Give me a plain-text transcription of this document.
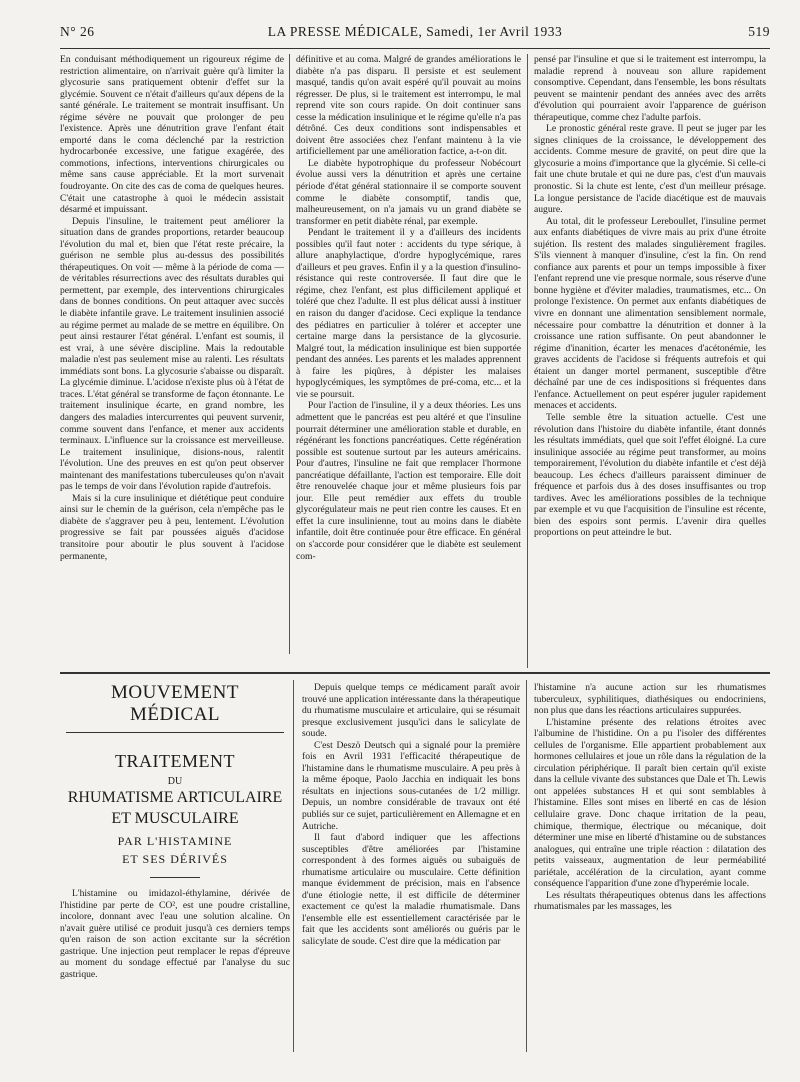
N° 26	LA PRESSE MÉDICALE, Samedi, 1er Avril 1933	519

En conduisant méthodiquement un rigoureux régime de restriction alimentaire, on n'arrivait guère qu'à limiter la glycosurie sans pratiquement obtenir d'effet sur la glycémie. Souvent ce n'était d'ailleurs qu'aux dépens de la santé générale. Le traitement se montrait insuffisant. Un régime sévère ne pouvait que prolonger de peu l'existence. Après une dénutrition grave l'enfant était emporté dans le coma déclenché par la restriction hydrocarbonée excessive, une fatigue exagérée, des commotions, infections, interventions chirurgicales ou même sans cause appréciable. Et la mort survenait foudroyante. On cite des cas de coma de quelques heures. C'était une catastrophe à quoi le médecin assistait désarmé et impuissant.

Depuis l'insuline, le traitement peut améliorer la situation dans de grandes proportions, retarder beaucoup l'évolution du mal et, bien que l'état reste précaire, la guérison ne semble plus au-dessus des possibilités thérapeutiques. On voit — même à la période de coma — de véritables résurrections avec des résultats durables qui permettent, par exemple, des interventions chirurgicales dans de bonnes conditions. On peut attaquer avec succès le diabète infantile grave. Le traitement insulinien associé au régime permet au malade de se mettre en équilibre. On peut ainsi restaurer l'état général. L'enfant est soumis, il est vrai, à une sévère discipline. Mais la redoutable maladie n'est pas seulement mise au ralenti. Les résultats immédiats sont bons. La glycosurie s'abaisse ou disparaît. La glycémie diminue. L'acidose n'existe plus où à l'état de traces. L'état général se transforme de façon étonnante. Le traitement insulinique écarte, en grand nombre, les dangers des maladies intercurrentes qui peuvent survenir, comme souvent dans l'enfance, et mener aux accidents terminaux. L'influence sur la croissance est merveilleuse. Le traitement insulinique, disions-nous, ralentit l'évolution. Une des preuves en est qu'on peut observer maintenant des manifestations tuberculeuses qu'on n'avait pas le temps de voir dans l'évolution rapide d'autrefois.

Mais si la cure insulinique et diététique peut conduire ainsi sur le chemin de la guérison, cela n'empêche pas le diabète de s'aggraver peu à peu, lentement. L'évolution progressive se fait par poussées aiguës d'acidose transitoire pour aboutir le plus souvent à l'acidose permanente,

définitive et au coma. Malgré de grandes améliorations le diabète n'a pas disparu. Il persiste et est seulement masqué, tandis qu'on avait espéré qu'il pouvait au moins régresser. De plus, si le traitement est interrompu, le mal reprend vite son cours rapide. On doit continuer sans cesse la médication insulinique et le régime qu'elle n'a pas détrôné. Ces deux conditions sont indispensables et doivent être associées chez l'enfant maintenu à la vie artificiellement par une amélioration factice, a-t-on dit.

Le diabète hypotrophique du professeur Nobécourt évolue aussi vers la dénutrition et après une certaine période d'état général stationnaire il se comporte souvent comme le diabète consomptif, tandis que, malheureusement, on n'a jamais vu un grand diabète se transformer en petit diabète rénal, par exemple.

Pendant le traitement il y a d'ailleurs des incidents possibles qu'il faut noter : accidents du type sérique, à allure anaphylactique, d'ordre hypoglycémique, rares d'ailleurs et peu graves. Enfin il y a la question d'insulino-résistance qui reste controversée. Il faut dire que le régime, chez l'enfant, est plus difficilement appliqué et toléré que chez l'adulte. Il est plus délicat aussi à instituer en raison du danger d'acidose. Ceci explique la tendance des pédiatres en particulier à tolérer et accepter une certaine marge dans la persistance de la glycosurie. Malgré tout, la médication insulinique est bien supportée pendant des années. Les parents et les malades apprennent à faire les piqûres, à dépister les malaises hypoglycémiques, les symptômes de pré-coma, etc... et la vie se poursuit.

Pour l'action de l'insuline, il y a deux théories. Les uns admettent que le pancréas est peu altéré et que l'insuline pourrait déterminer une amélioration stable et durable, en régénérant les fonctions pancréatiques. Cette régénération possible est soutenue surtout par les auteurs américains. Pour d'autres, l'insuline ne fait que remplacer l'hormone pancréatique défaillante, l'action est temporaire. Elle doit être renouvelée chaque jour et même plusieurs fois par jour. Elle peut remédier aux effets du trouble glycorégulateur mais ne peut rien contre les causes. Et en effet la cure insulinienne, tout au moins dans le diabète infantile, doit être continuée pour être efficace. En général on s'accorde pour considérer que le diabète est seulement com-

pensé par l'insuline et que si le traitement est interrompu, la maladie reprend à nouveau son allure rapidement consomptive. Cependant, dans l'ensemble, les bons résultats peuvent se maintenir pendant des années avec des arrêts d'évolution qui pourraient avoir l'apparence de guérison thérapeutique, comme chez l'adulte parfois.

Le pronostic général reste grave. Il peut se juger par les signes cliniques de la croissance, le développement des accidents. Comme mesure de gravité, on peut dire que la glycosurie a moins d'importance que la glycémie. Si celle-ci fait une chute brutale et qui ne dure pas, c'est d'un mauvais pronostic. Si la chute est lente, c'est d'un meilleur présage. La longue persistance de l'acide diacétique est de mauvais augure.

Au total, dit le professeur Lereboullet, l'insuline permet aux enfants diabétiques de vivre mais au prix d'une étroite sujétion. Ils restent des malades singulièrement fragiles. S'ils viennent à manquer d'insuline, c'est la fin. On rend confiance aux parents et pour un temps impossible à fixer l'enfant reprend une vie presque normale, sous réserve d'une bonne hygiène et d'éviter maladies, traumatismes, etc... On prolonge l'existence. On permet aux enfants diabétiques de vivre en donnant une alimentation sensiblement normale, nécessaire pour combattre la dénutrition et donner à la croissance une ration suffisante. On peut abandonner le régime d'inanition, écarter les menaces d'acétonémie, les graves accidents de l'acidose si fréquents autrefois et qui étaient un danger mortel permanent, susceptible d'être déchaîné par une de ces indispositions si fréquentes dans l'enfance. Actuellement on peut espérer juguler rapidement menaces et accidents.

Telle semble être la situation actuelle. C'est une révolution dans l'histoire du diabète infantile, étant donnés les résultats immédiats, quel que soit l'effet éloigné. La cure insulinique associée au régime peut transformer, au moins temporairement, l'évolution du diabète infantile et c'est déjà beaucoup. Les échecs d'ailleurs paraissent diminuer de fréquence et parfois dus à des doses insuffisantes ou trop tardives. Avec les améliorations possibles de la technique par exemple et vu que l'acquisition de l'insuline est récente, bien des espoirs sont permis. L'avenir dira quelles proportions on peut atteindre le but.

MOUVEMENT MÉDICAL
TRAITEMENT
DU
RHUMATISME ARTICULAIRE
ET MUSCULAIRE
PAR L'HISTAMINE
ET SES DÉRIVÉS
L'histamine ou imidazol-éthylamine, dérivée de l'histidine par perte de CO², est une poudre cristalline, incolore, donnant avec l'eau une solution alcaline. On n'avait guère utilisé ce produit jusqu'à ces derniers temps qu'en raison de son action excitante sur la sécrétion gastrique. Une injection peut remplacer le repas d'épreuve au moment du sondage effectué par l'analyse du suc gastrique.

Depuis quelque temps ce médicament paraît avoir trouvé une application intéressante dans la thérapeutique du rhumatisme musculaire et articulaire, qui se résumait presque exclusivement jusqu'ici dans le salicylate de soude.

C'est Deszö Deutsch qui a signalé pour la première fois en Avril 1931 l'efficacité thérapeutique de l'histamine dans le rhumatisme musculaire. A peu près à la même époque, Paolo Jacchia en indiquait les bons résultats en injections sous-cutanées de 1/2 milligr. Depuis, un nombre considérable de travaux ont été publiés sur ce sujet, particulièrement en Allemagne et en Autriche.

Il faut d'abord indiquer que les affections susceptibles d'être améliorées par l'histamine correspondent à des formes aiguës ou subaiguës de rhumatisme articulaire ou musculaire. Cette définition manque évidemment de précision, mais en l'absence d'une étiologie nette, il est difficile de déterminer exactement ce qu'est la maladie rhumatismale. Dans l'ensemble elle est essentiellement caractérisée par le fait que les accidents sont améliorés ou guéris par le salicylate de soude. C'est dire que la médication par

l'histamine n'a aucune action sur les rhumatismes tuberculeux, syphilitiques, diathésiques ou endocriniens, non plus que dans les réactions articulaires suppurées.

L'histamine présente des relations étroites avec l'albumine de l'histidine. On a pu l'isoler des différentes cellules de l'organisme. Elle appartient probablement aux hormones cellulaires et joue un rôle dans la régulation de la circulation périphérique. Il paraît bien certain qu'il existe dans la cellule vivante des substances que Dale et Th. Lewis ont appelées substances H et qui sont semblables à l'histamine. Elles sont mises en liberté en cas de lésion cellulaire grave. Donc chaque irritation de la peau, chimique, thermique, électrique ou mécanique, doit déterminer une mise en liberté d'histamine ou de substances analogues, qui entraîne une triple réaction : dilatation des petits vaisseaux, augmentation de leur perméabilité pariétale, accélération de la circulation, ayant comme conséquence l'apparition d'une zone d'hyperémie locale.

Les résultats thérapeutiques obtenus dans les affections rhumatismales par les massages, les
